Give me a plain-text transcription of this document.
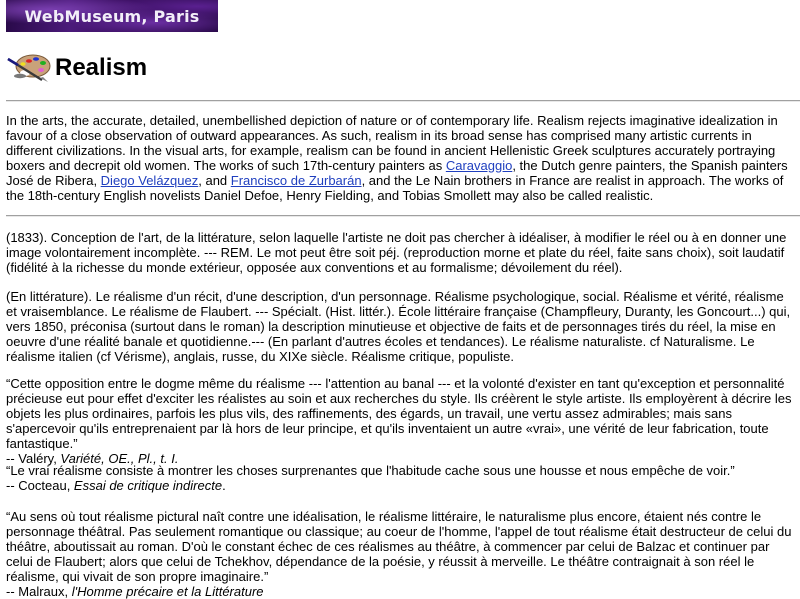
WebMuseum, Paris
Realism

In the arts, the accurate, detailed, unembellished depiction of nature or of contemporary life. Realism rejects imaginative idealization in favour of a close observation of outward appearances. As such, realism in its broad sense has comprised many artistic currents in different civilizations. In the visual arts, for example, realism can be found in ancient Hellenistic Greek sculptures accurately portraying boxers and decrepit old women. The works of such 17th-century painters as Caravaggio, the Dutch genre painters, the Spanish painters José de Ribera, Diego Velázquez, and Francisco de Zurbarán, and the Le Nain brothers in France are realist in approach. The works of the 18th-century English novelists Daniel Defoe, Henry Fielding, and Tobias Smollett may also be called realistic.

(1833). Conception de l'art, de la littérature, selon laquelle l'artiste ne doit pas chercher à idéaliser, à modifier le réel ou à en donner une image volontairement incomplète. --- REM. Le mot peut être soit péj. (reproduction morne et plate du réel, faite sans choix), soit laudatif (fidélité à la richesse du monde extérieur, opposée aux conventions et au formalisme; dévoilement du réel).

(En littérature). Le réalisme d'un récit, d'une description, d'un personnage. Réalisme psychologique, social. Réalisme et vérité, réalisme et vraisemblance. Le réalisme de Flaubert. --- Spécialt. (Hist. littér.). École littéraire française (Champfleury, Duranty, les Goncourt...) qui, vers 1850, préconisa (surtout dans le roman) la description minutieuse et objective de faits et de personnages tirés du réel, la mise en oeuvre d'une réalité banale et quotidienne.--- (En parlant d'autres écoles et tendances). Le réalisme naturaliste. cf Naturalisme. Le réalisme italien (cf Vérisme), anglais, russe, du XIXe siècle. Réalisme critique, populiste.

“Cette opposition entre le dogme même du réalisme --- l'attention au banal --- et la volonté d'exister en tant qu'exception et personnalité précieuse eut pour effet d'exciter les réalistes au soin et aux recherches du style. Ils créèrent le style artiste. Ils employèrent à décrire les objets les plus ordinaires, parfois les plus vils, des raffinements, des égards, un travail, une vertu assez admirables; mais sans s'apercevoir qu'ils entreprenaient par là hors de leur principe, et qu'ils inventaient un autre «vrai», une vérité de leur fabrication, toute fantastique.”
-- Valéry, Variété, OE., Pl., t. I.

“Le vrai réalisme consiste à montrer les choses surprenantes que l'habitude cache sous une housse et nous empêche de voir.”
-- Cocteau, Essai de critique indirecte.

“Au sens où tout réalisme pictural naît contre une idéalisation, le réalisme littéraire, le naturalisme plus encore, étaient nés contre le personnage théâtral. Pas seulement romantique ou classique; au coeur de l'homme, l'appel de tout réalisme était destructeur de celui du théâtre, aboutissait au roman. D'où le constant échec de ces réalismes au théâtre, à commencer par celui de Balzac et continuer par celui de Flaubert; alors que celui de Tchekhov, dépendance de la poésie, y réussit à merveille. Le théâtre contraignait à son réel le réalisme, qui vivait de son propre imaginaire.”
-- Malraux, l'Homme précaire et la Littérature
